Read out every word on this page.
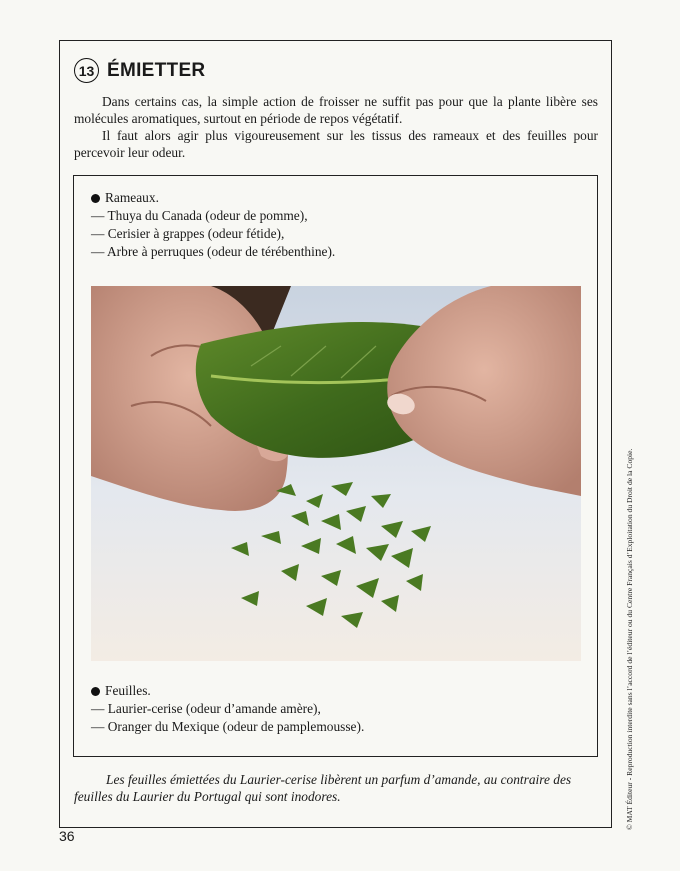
13 ÉMIETTER

Dans certains cas, la simple action de froisser ne suffit pas pour que la plante libère ses molécules aromatiques, surtout en période de repos végétatif.

Il faut alors agir plus vigoureusement sur les tissus des rameaux et des feuilles pour percevoir leur odeur.

Rameaux.
— Thuya du Canada (odeur de pomme),
— Cerisier à grappes (odeur fétide),
— Arbre à perruques (odeur de térébenthine).
Feuilles.
— Laurier-cerise (odeur d’amande amère),
— Oranger du Mexique (odeur de pamplemousse).
Les feuilles émiettées du Laurier-cerise libèrent un parfum d’amande, au contraire des
feuilles du Laurier du Portugal qui sont inodores.
36
© MAT Éditeur - Reproduction interdite sans l’accord de l’éditeur ou du Centre Français d’Exploitation du Droit de la Copie.
